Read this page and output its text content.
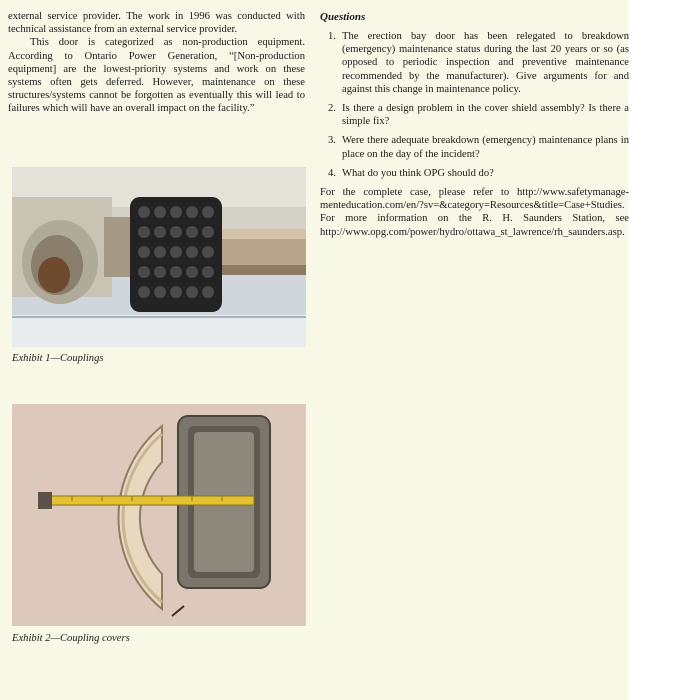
external service provider. The work in 1996 was conducted with technical assistance from an external service provider.

This door is categorized as non-production equipment. According to Ontario Power Generation, “[Non-production equipment] are the lowest-priority systems and work on these systems often gets deferred. However, maintenance on these structures/systems cannot be forgotten as eventually this will lead to failures which will have an overall impact on the facility.”

Exhibit 1—Couplings
Exhibit 2—Coupling covers
Questions
1. The erection bay door has been relegated to breakdown (emergency) maintenance status during the last 20 years or so (as opposed to periodic inspection and preventive maintenance recommended by the manufacturer). Give arguments for and against this change in maintenance policy.
2. Is there a design problem in the cover shield assembly? Is there a simple fix?
3. Were there adequate breakdown (emergency) maintenance plans in place on the day of the incident?
4. What do you think OPG should do?

For the complete case, please refer to http://www.safetymanage-menteducation.com/en/?sv=&category=Resources&title=Case+Studies. For more information on the R. H. Saunders Station, see http://www.opg.com/power/hydro/ottawa_st_lawrence/rh_saunders.asp.
